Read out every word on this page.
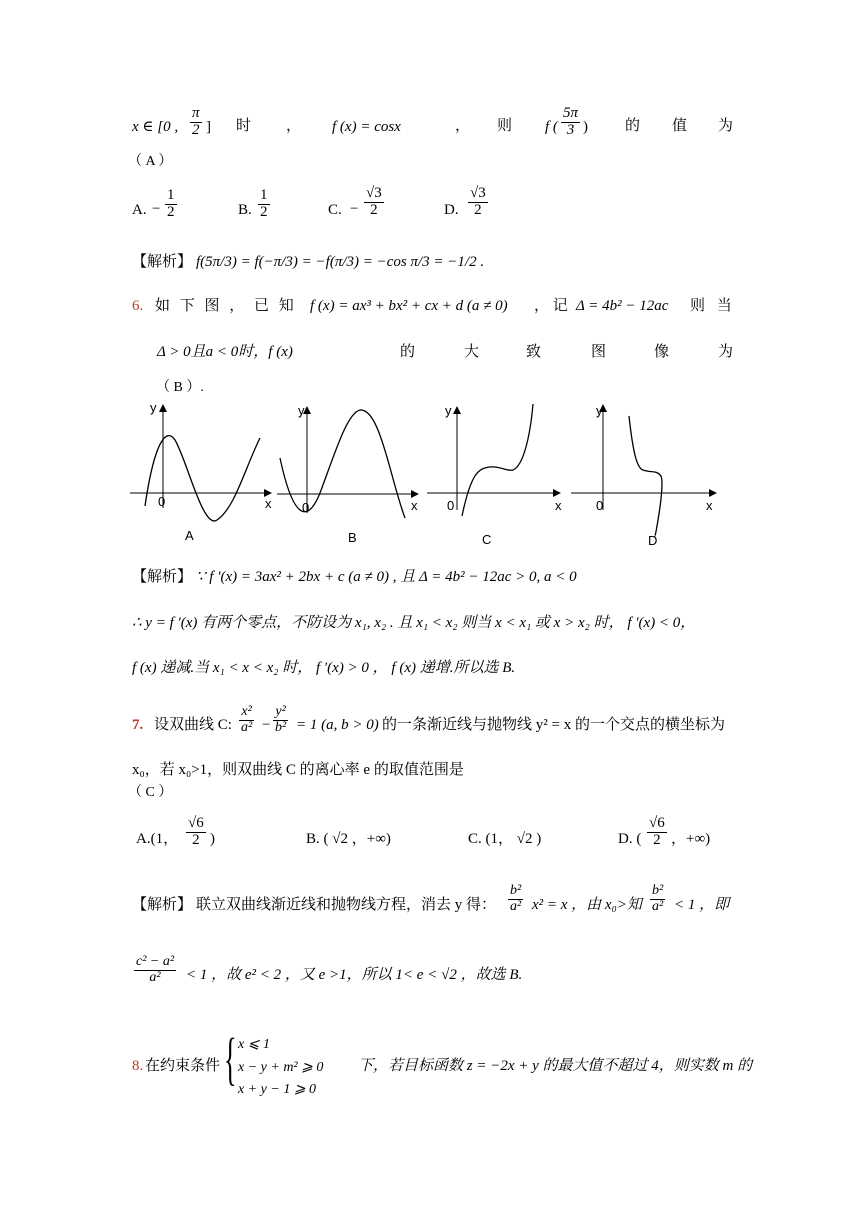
x ∈ [0 , $\frac{\pi}{2}$ ] 时 ， f (x) = cosx	， 则 f ( $\frac{5\pi}{3}$ ) 的 值 为
（ A ）
A. − $\frac{1}{2}$	B. $\frac{1}{2}$	C. − $\frac{√3}{2}$	D. $\frac{√3}{2}$
【解析】 f(5π/3) = f(−π/3) = −f(π/3) = −cos π/3 = −1/2 .
6. 如 下 图 ， 已 知 f (x) = ax³ + bx² + cx + d (a ≠ 0) ， 记 Δ = 4b² − 12ac 则 当
Δ > 0且a < 0时，f (x)	的	大	致	图	像	为
（ B ）.
y
0	x
A
y
0	x
B
y
0	x
C
y
0	x
D
【解析】 ∵ f ′(x) = 3ax² + 2bx + c (a ≠ 0) , 且 Δ = 4b² − 12ac > 0, a < 0
∴ y = f ′(x) 有两个零点，不防设为 x₁, x₂ . 且 x₁ < x₂ 则当 x < x₁ 或 x > x₂ 时， f ′(x) < 0，
f (x) 递减.当 x₁ < x < x₂ 时， f ′(x) > 0 ， f (x) 递增.所以选 B.
7. 设双曲线 C: $\frac{\text{x²}}{\text{a²}} - \frac{\text{y²}}{\text{b²}} = 1$ (a, b > 0) 的一条渐近线与抛物线 y² = x 的一个交点的横坐标为
x₀，若 x₀>1，则双曲线 C 的离心率 e 的取值范围是
（ C ）
A.(1， $\frac{√6}{2}$ )	B. ( √2 ，+∞)	C. (1， √2 )	D. ( $\frac{√6}{2}$ ，+∞)
【解析】 联立双曲线渐近线和抛物线方程，消去 y 得： $\frac{\text{b²}}{\text{a²}} x^2 = x$ ，由 x₀>知 $\frac{\text{b²}}{\text{a²}} < 1$ ，即
$\frac{\text{c² − a²}}{\text{a²}} < 1$ ，故 e² < 2 ，又 e >1，所以 1< e < √2 ，故选 B.
8. 在约束条件 { x ⩽ 1
x − y + m² ⩾ 0
x + y − 1 ⩾ 0
下，若目标函数 z = −2x + y 的最大值不超过 4，则实数 m 的
